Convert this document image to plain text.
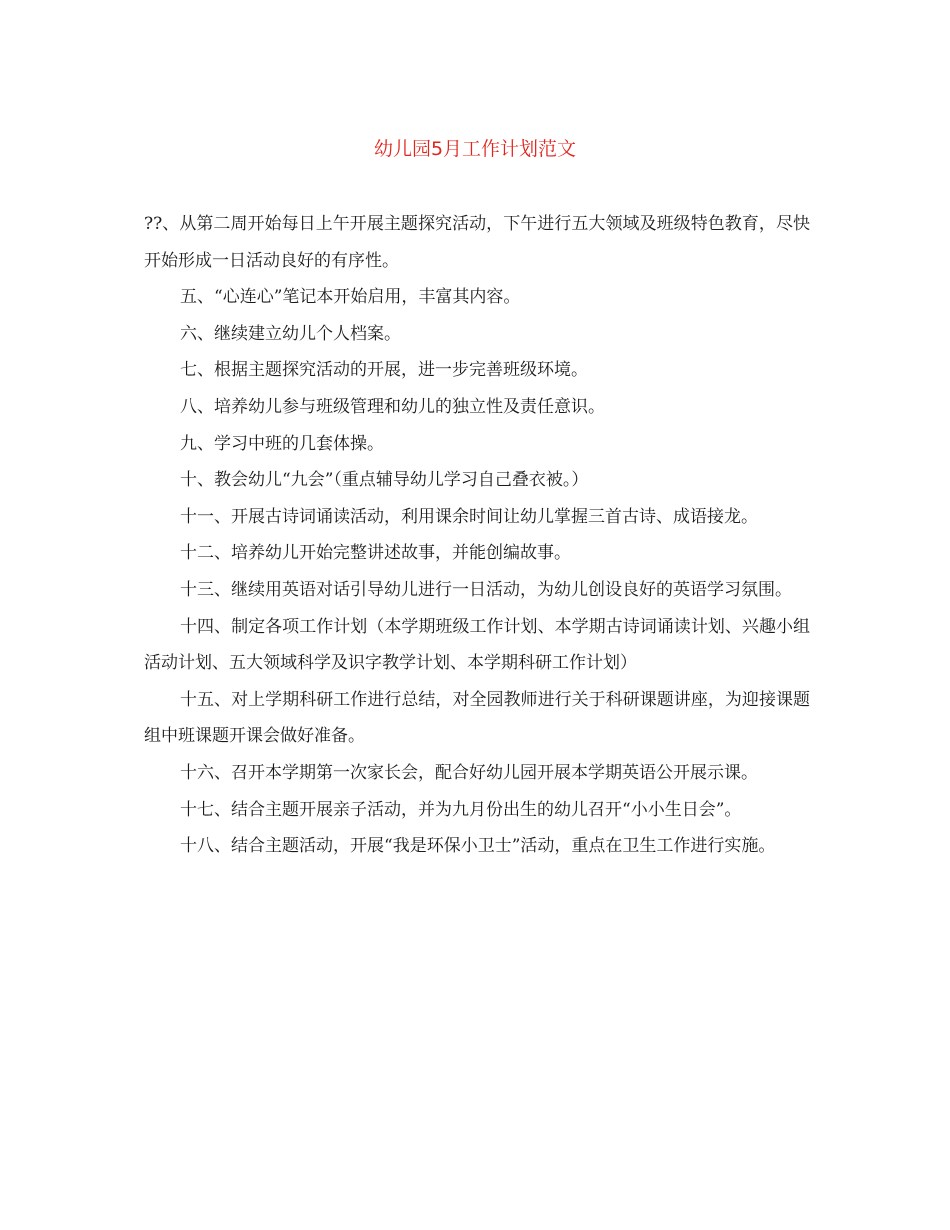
幼儿园5月工作计划范文

??、从第二周开始每日上午开展主题探究活动，下午进行五大领域及班级特色教育，尽快开始形成一日活动良好的有序性。

五、“心连心”笔记本开始启用，丰富其内容。

六、继续建立幼儿个人档案。

七、根据主题探究活动的开展，进一步完善班级环境。

八、培养幼儿参与班级管理和幼儿的独立性及责任意识。

九、学习中班的几套体操。

十、教会幼儿“九会”（重点辅导幼儿学习自己叠衣被。）

十一、开展古诗词诵读活动，利用课余时间让幼儿掌握三首古诗、成语接龙。

十二、培养幼儿开始完整讲述故事，并能创编故事。

十三、继续用英语对话引导幼儿进行一日活动，为幼儿创设良好的英语学习氛围。

十四、制定各项工作计划（本学期班级工作计划、本学期古诗词诵读计划、兴趣小组活动计划、五大领域科学及识字教学计划、本学期科研工作计划）

十五、对上学期科研工作进行总结，对全园教师进行关于科研课题讲座，为迎接课题组中班课题开课会做好准备。

十六、召开本学期第一次家长会，配合好幼儿园开展本学期英语公开展示课。

十七、结合主题开展亲子活动，并为九月份出生的幼儿召开“小小生日会”。

十八、结合主题活动，开展“我是环保小卫士”活动，重点在卫生工作进行实施。
